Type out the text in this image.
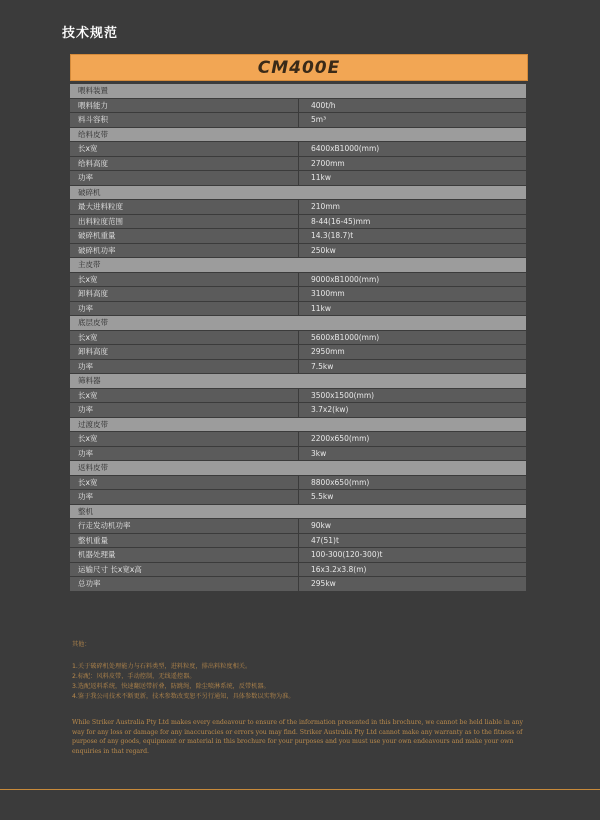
技术规范
CM400E
喂料装置
喂料能力	400t/h
料斗容积	5m³
给料皮带
长x宽	6400xB1000(mm)
给料高度	2700mm
功率	11kw
破碎机
最大进料粒度	210mm
出料粒度范围	8-44(16-45)mm
破碎机重量	14.3(18.7)t
破碎机功率	250kw
主皮带
长x宽	9000xB1000(mm)
卸料高度	3100mm
功率	11kw
底层皮带
长x宽	5600xB1000(mm)
卸料高度	2950mm
功率	7.5kw
筛料器
长x宽	3500x1500(mm)
功率	3.7x2(kw)
过渡皮带
长x宽	2200x650(mm)
功率	3kw
返料皮带
长x宽	8800x650(mm)
功率	5.5kw
整机
行走发动机功率	90kw
整机重量	47(51)t
机器处理量	100-300(120-300)t
运输尺寸 长x宽x高	16x3.2x3.8(m)
总功率	295kw
其他：
1.关于破碎机处理能力与石料类型，进料粒度，排出料粒度相关。
2.标配：风料皮带，手动控制，无线遥控器。
3.选配返料系统，快速翻送带折叠，防跳绳，除尘喷淋系统，反带机器。
4.鉴于我公司技术不断更新，技术参数改变恕不另行通知，具体参数以实物为准。
While Striker Australia Pty Ltd makes every endeavour to ensure of the information presented in this brochure, we cannot be held liable in any way for any loss or damage for any inaccuracies or errors you may find. Striker Australia Pty Ltd cannot make any warranty as to the fitness of purpose of any goods, equipment or material in this brochure for your purposes and you must use your own endeavours and make your own enquiries in that regard.
